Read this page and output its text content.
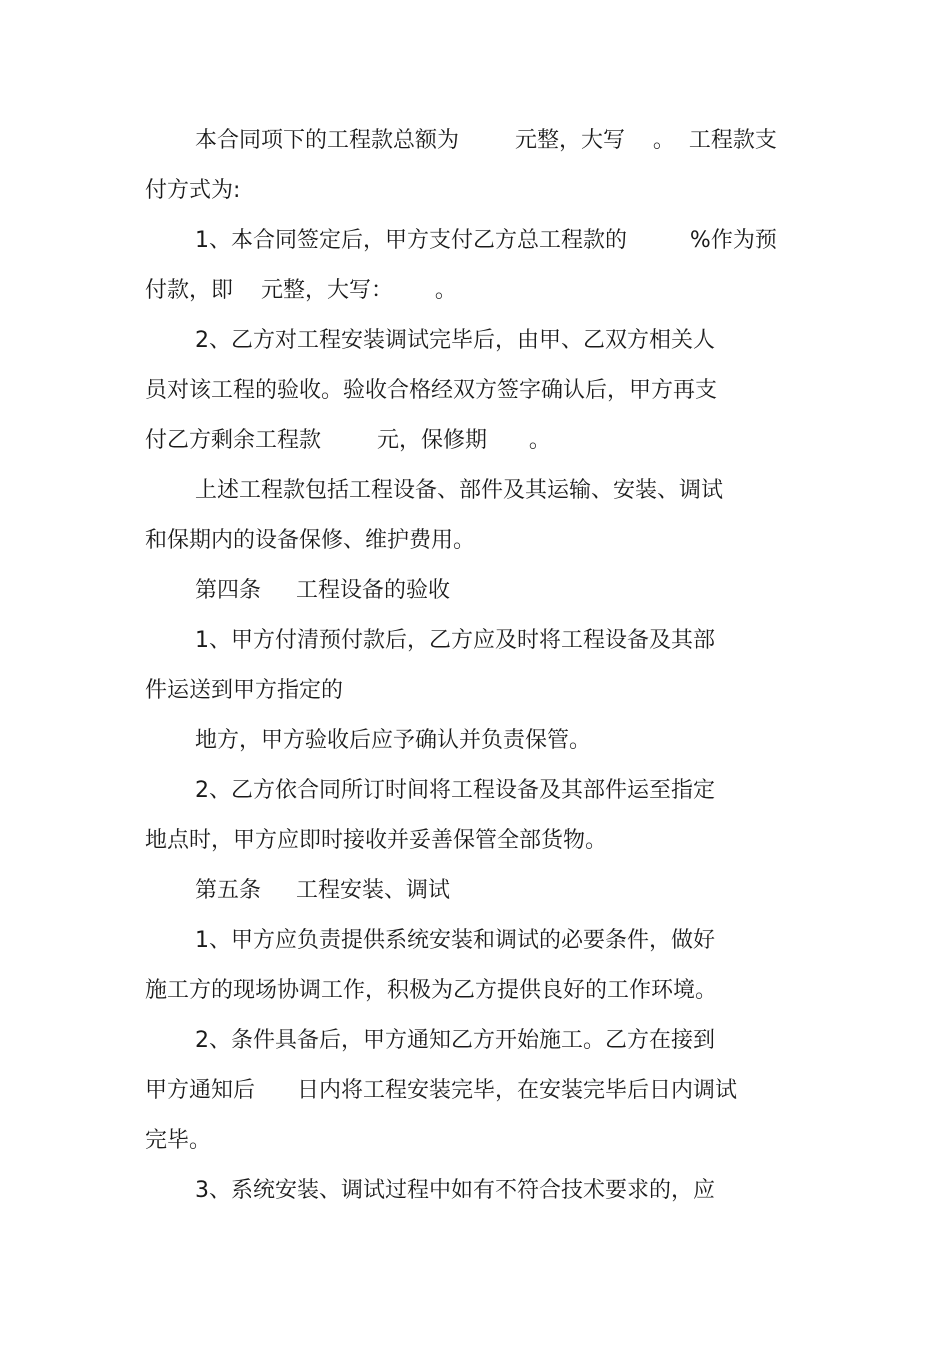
本合同项下的工程款总额为        元整，大写    。  工程款支

付方式为:

1、本合同签定后，甲方支付乙方总工程款的         %作为预

付款，即    元整，大写：      。

2、乙方对工程安装调试完毕后，由甲、乙双方相关人

员对该工程的验收。验收合格经双方签字确认后，甲方再支

付乙方剩余工程款        元，保修期      。

上述工程款包括工程设备、部件及其运输、安装、调试

和保期内的设备保修、维护费用。

第四条     工程设备的验收

1、甲方付清预付款后，乙方应及时将工程设备及其部

件运送到甲方指定的

地方，甲方验收后应予确认并负责保管。

2、乙方依合同所订时间将工程设备及其部件运至指定

地点时，甲方应即时接收并妥善保管全部货物。

第五条     工程安装、调试

1、甲方应负责提供系统安装和调试的必要条件，做好

施工方的现场协调工作，积极为乙方提供良好的工作环境。

2、条件具备后，甲方通知乙方开始施工。乙方在接到

甲方通知后      日内将工程安装完毕，在安装完毕后日内调试

完毕。

3、系统安装、调试过程中如有不符合技术要求的，应
